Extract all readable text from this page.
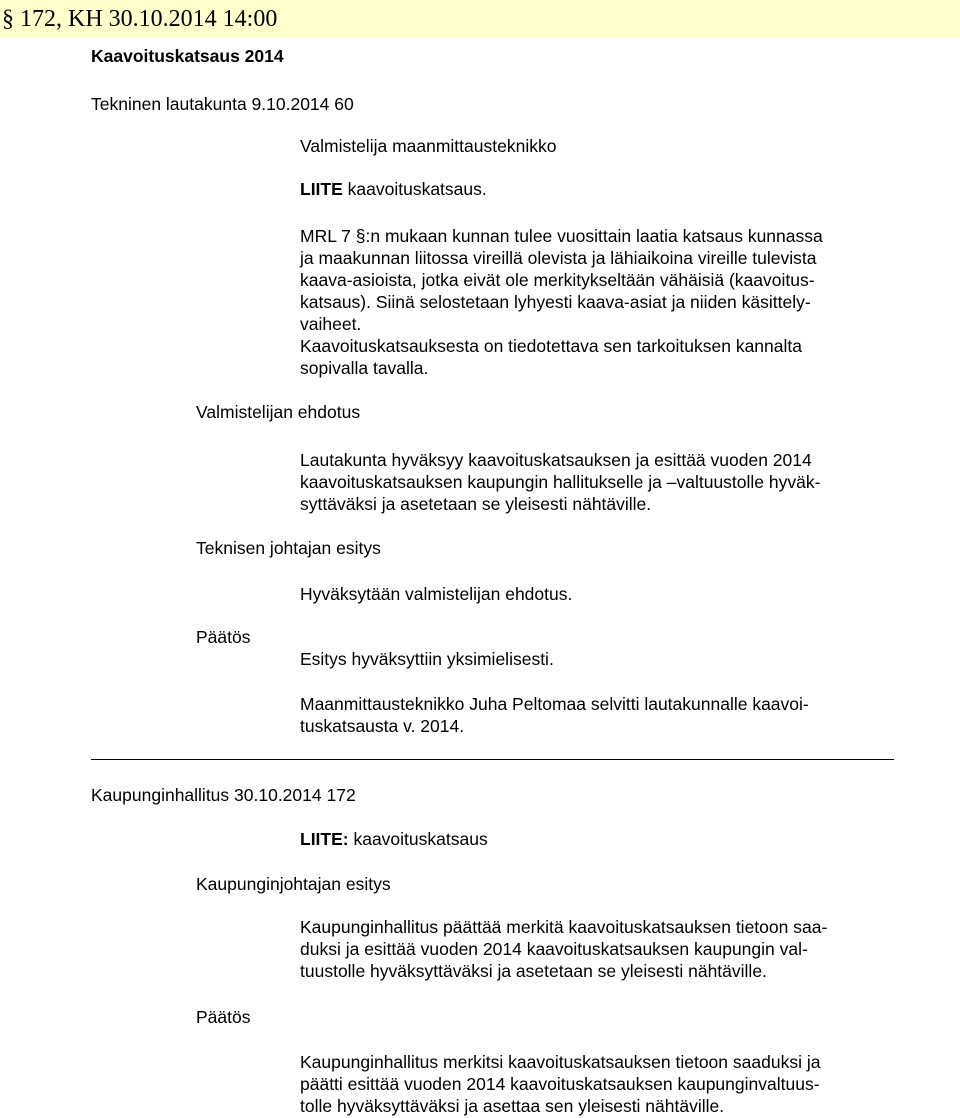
§ 172, KH 30.10.2014 14:00
Kaavoituskatsaus 2014
Tekninen lautakunta 9.10.2014 60
Valmistelija maanmittausteknikko
LIITE kaavoituskatsaus.
MRL 7 §:n mukaan kunnan tulee vuosittain laatia katsaus kunnassa
ja maakunnan liitossa vireillä olevista ja lähiaikoina vireille tulevista
kaava-asioista, jotka eivät ole merkitykseltään vähäisiä (kaavoitus-
katsaus). Siinä selostetaan lyhyesti kaava-asiat ja niiden käsittely-
vaiheet.
Kaavoituskatsauksesta on tiedotettava sen tarkoituksen kannalta
sopivalla tavalla.
Valmistelijan ehdotus
Lautakunta hyväksyy kaavoituskatsauksen ja esittää vuoden 2014
kaavoituskatsauksen kaupungin hallitukselle ja –valtuustolle hyväk-
syttäväksi ja asetetaan se yleisesti nähtäville.
Teknisen johtajan esitys
Hyväksytään valmistelijan ehdotus.
Päätös
Esitys hyväksyttiin yksimielisesti.
Maanmittausteknikko Juha Peltomaa selvitti lautakunnalle kaavoi-
tuskatsausta v. 2014.
Kaupunginhallitus 30.10.2014 172
LIITE: kaavoituskatsaus
Kaupunginjohtajan esitys
Kaupunginhallitus päättää merkitä kaavoituskatsauksen tietoon saa-
duksi ja esittää vuoden 2014 kaavoituskatsauksen kaupungin val-
tuustolle hyväksyttäväksi ja asetetaan se yleisesti nähtäville.
Päätös
Kaupunginhallitus merkitsi kaavoituskatsauksen tietoon saaduksi ja
päätti esittää vuoden 2014 kaavoituskatsauksen kaupunginvaltuus-
tolle hyväksyttäväksi ja asettaa sen yleisesti nähtäville.
